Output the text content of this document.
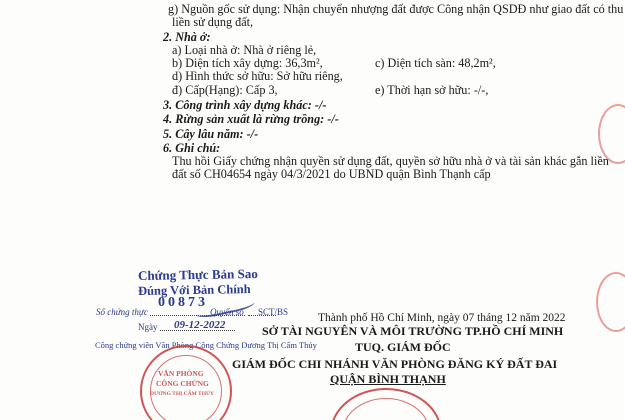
g) Nguồn gốc sử dụng: Nhận chuyển nhượng đất được Công nhận QSDĐ như giao đất có thu
liền sử dụng đất,
2. Nhà ở:
a) Loại nhà ở: Nhà ở riêng lẻ,
b) Diện tích xây dựng: 36,3m²,	c) Diện tích sàn: 48,2m²,
d) Hình thức sở hữu: Sở hữu riêng,
đ) Cấp(Hạng): Cấp 3,	e) Thời hạn sở hữu: -/-,
3. Công trình xây dựng khác: -/-
4. Rừng sản xuất là rừng trồng: -/-
5. Cây lâu năm: -/-
6. Ghi chú:
Thu hồi Giấy chứng nhận quyền sử dụng đất, quyền sở hữu nhà ở và tài sản khác gắn liền
đất số CH04654 ngày 04/3/2021 do UBND quận Bình Thạnh cấp
Chứng Thực Bản Sao
Đúng Với Bản Chính
Số chứng thực
00873
Quyển số SCT/BS
Ngày 09-12-2022
Công chứng viên Văn Phòng Công Chứng Dương Thị Cẩm Thủy
VĂN PHÒNG
CÔNG CHỨNG
DƯƠNG THỊ CẨM THỦY
Thành phố Hồ Chí Minh, ngày 07 tháng 12 năm 2022
SỞ TÀI NGUYÊN VÀ MÔI TRƯỜNG TP.HỒ CHÍ MINH
TUQ. GIÁM ĐỐC
GIÁM ĐỐC CHI NHÁNH VĂN PHÒNG ĐĂNG KÝ ĐẤT ĐAI
QUẬN BÌNH THẠNH
